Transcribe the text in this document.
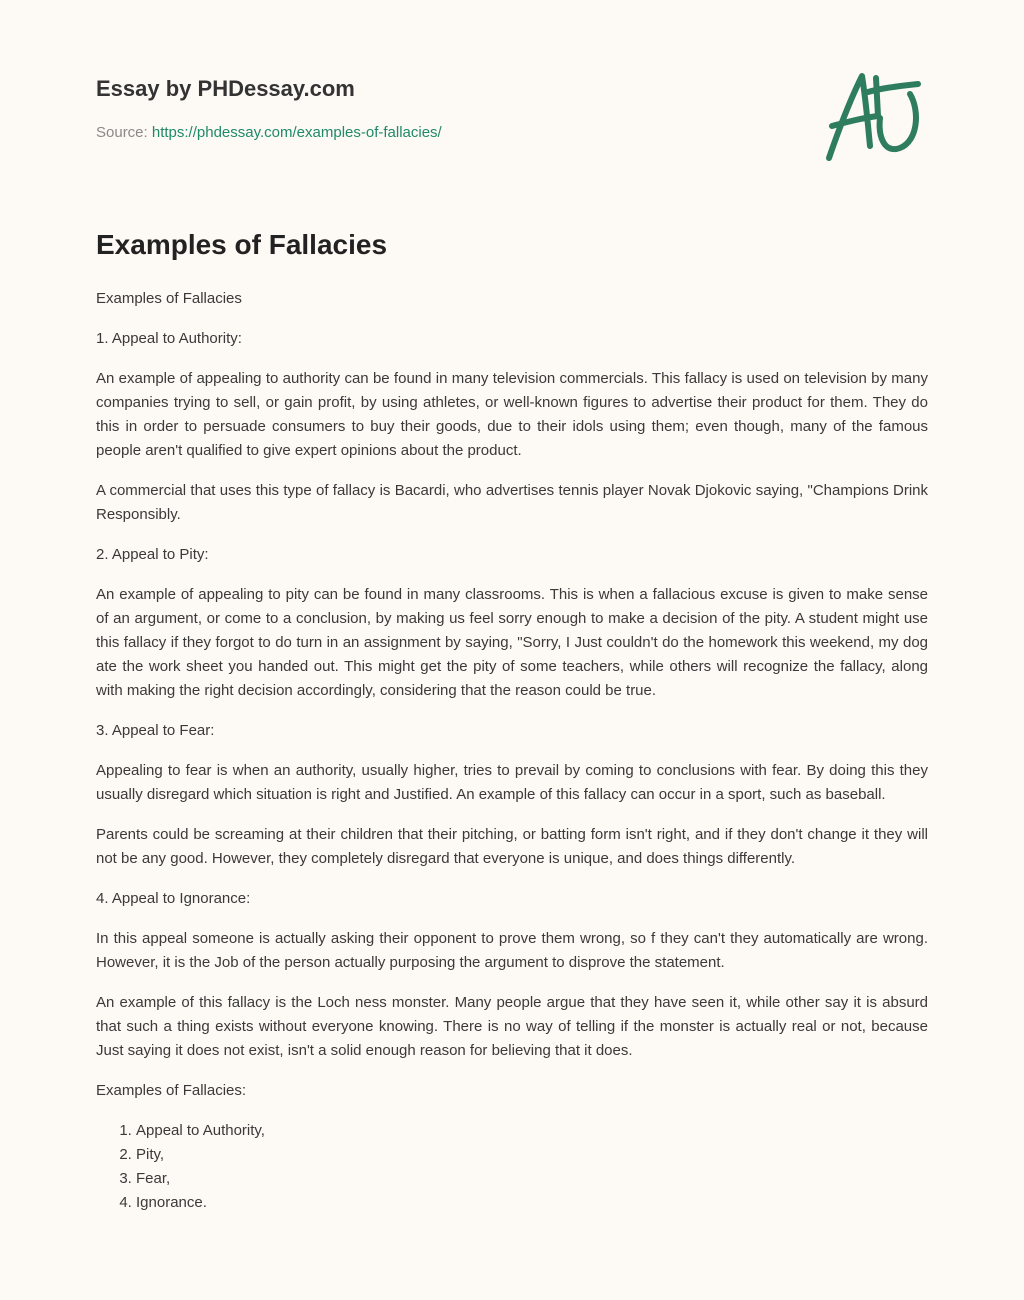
Essay by PHDessay.com
Source: https://phdessay.com/examples-of-fallacies/
Examples of Fallacies

Examples of Fallacies

1. Appeal to Authority:

An example of appealing to authority can be found in many television commercials. This fallacy is used on television by many companies trying to sell, or gain profit, by using athletes, or well-known figures to advertise their product for them. They do this in order to persuade consumers to buy their goods, due to their idols using them; even though, many of the famous people aren't qualified to give expert opinions about the product.

A commercial that uses this type of fallacy is Bacardi, who advertises tennis player Novak Djokovic saying, "Champions Drink Responsibly.

2. Appeal to Pity:

An example of appealing to pity can be found in many classrooms. This is when a fallacious excuse is given to make sense of an argument, or come to a conclusion, by making us feel sorry enough to make a decision of the pity. A student might use this fallacy if they forgot to do turn in an assignment by saying, "Sorry, I Just couldn't do the homework this weekend, my dog ate the work sheet you handed out. This might get the pity of some teachers, while others will recognize the fallacy, along with making the right decision accordingly, considering that the reason could be true.

3. Appeal to Fear:

Appealing to fear is when an authority, usually higher, tries to prevail by coming to conclusions with fear. By doing this they usually disregard which situation is right and Justified. An example of this fallacy can occur in a sport, such as baseball.

Parents could be screaming at their children that their pitching, or batting form isn't right, and if they don't change it they will not be any good. However, they completely disregard that everyone is unique, and does things differently.

4. Appeal to Ignorance:

In this appeal someone is actually asking their opponent to prove them wrong, so f they can't they automatically are wrong. However, it is the Job of the person actually purposing the argument to disprove the statement.

An example of this fallacy is the Loch ness monster. Many people argue that they have seen it, while other say it is absurd that such a thing exists without everyone knowing. There is no way of telling if the monster is actually real or not, because Just saying it does not exist, isn't a solid enough reason for believing that it does.

Examples of Fallacies:

1. Appeal to Authority,
2. Pity,
3. Fear,
4. Ignorance.
